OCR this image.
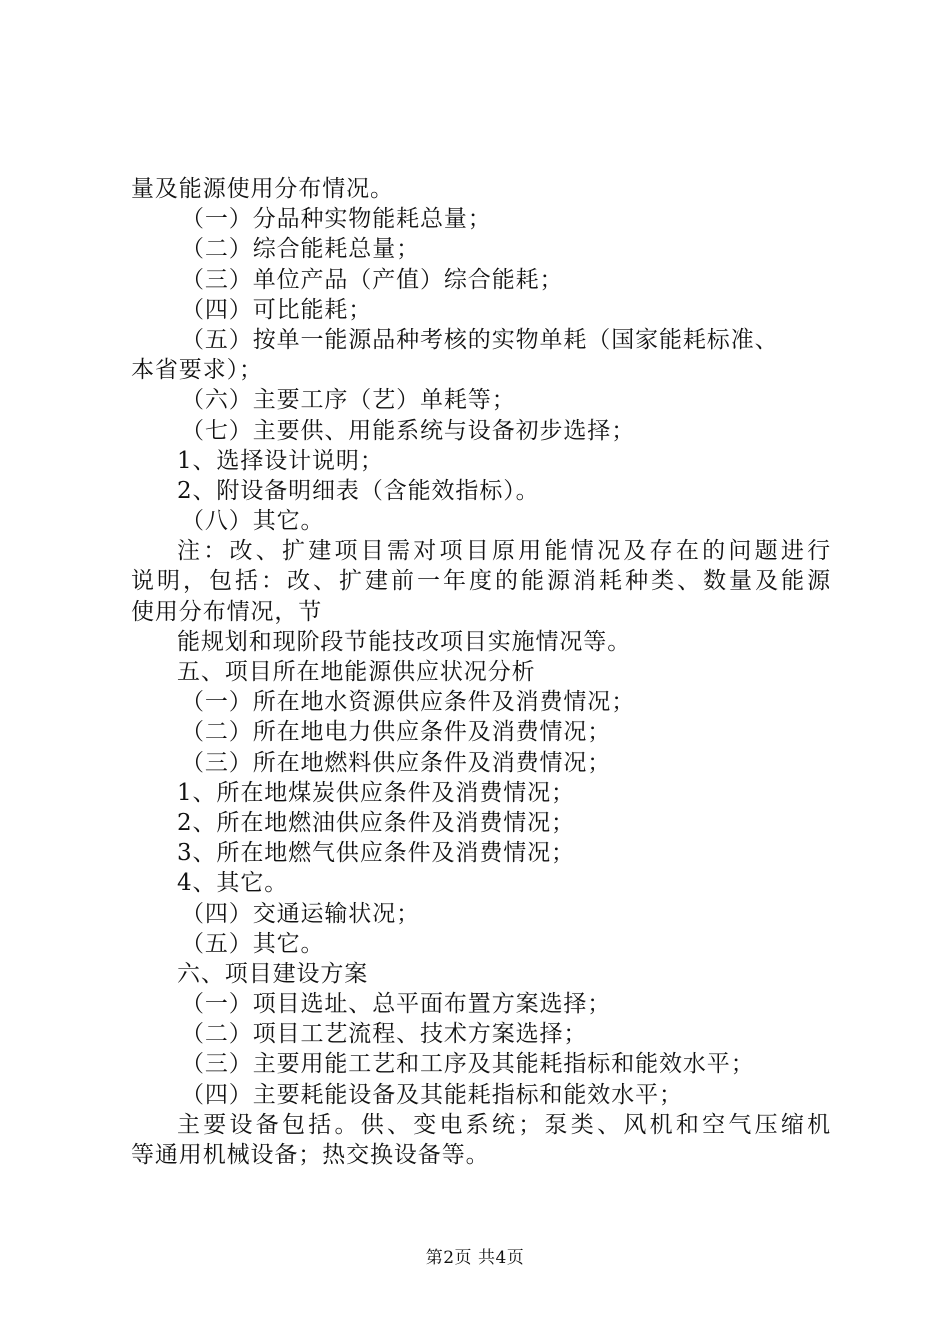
量及能源使用分布情况。
（一）分品种实物能耗总量；
（二）综合能耗总量；
（三）单位产品（产值）综合能耗；
（四）可比能耗；
（五）按单一能源品种考核的实物单耗（国家能耗标准、
本省要求）；
（六）主要工序（艺）单耗等；
（七）主要供、用能系统与设备初步选择；
1、选择设计说明；
2、附设备明细表（含能效指标）。
（八）其它。
注：改、扩建项目需对项目原用能情况及存在的问题进行
说明，包括：改、扩建前一年度的能源消耗种类、数量及能源
使用分布情况，节
能规划和现阶段节能技改项目实施情况等。
五、项目所在地能源供应状况分析
（一）所在地水资源供应条件及消费情况；
（二）所在地电力供应条件及消费情况；
（三）所在地燃料供应条件及消费情况；
1、所在地煤炭供应条件及消费情况；
2、所在地燃油供应条件及消费情况；
3、所在地燃气供应条件及消费情况；
4、其它。
（四）交通运输状况；
（五）其它。
六、项目建设方案
（一）项目选址、总平面布置方案选择；
（二）项目工艺流程、技术方案选择；
（三）主要用能工艺和工序及其能耗指标和能效水平；
（四）主要耗能设备及其能耗指标和能效水平；
主要设备包括。供、变电系统；泵类、风机和空气压缩机
等通用机械设备；热交换设备等。
第2页 共4页
